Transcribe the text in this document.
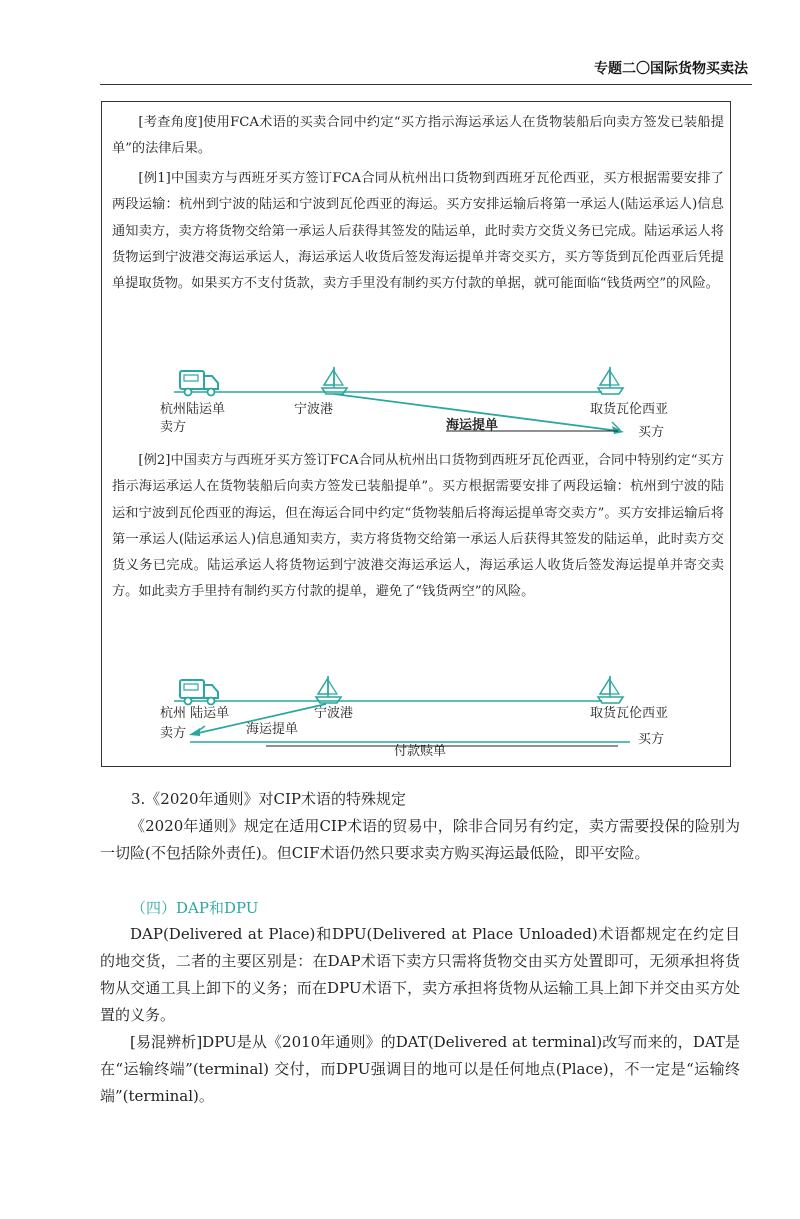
专题二〇国际货物买卖法

[考查角度]使用FCA术语的买卖合同中约定“买方指示海运承运人在货物装船后向卖方签发已装船提单”的法律后果。

[例1]中国卖方与西班牙买方签订FCA合同从杭州出口货物到西班牙瓦伦西亚，买方根据需要安排了两段运输：杭州到宁波的陆运和宁波到瓦伦西亚的海运。买方安排运输后将第一承运人(陆运承运人)信息通知卖方，卖方将货物交给第一承运人后获得其签发的陆运单，此时卖方交货义务已完成。陆运承运人将货物运到宁波港交海运承运人，海运承运人收货后签发海运提单并寄交买方，买方等货到瓦伦西亚后凭提单提取货物。如果买方不支付货款，卖方手里没有制约买方付款的单据，就可能面临“钱货两空”的风险。

杭州陆运单
卖方
宁波港
海运提单
取货瓦伦西亚
买方

[例2]中国卖方与西班牙买方签订FCA合同从杭州出口货物到西班牙瓦伦西亚，合同中特别约定“买方指示海运承运人在货物装船后向卖方签发已装船提单”。买方根据需要安排了两段运输：杭州到宁波的陆运和宁波到瓦伦西亚的海运，但在海运合同中约定“货物装船后将海运提单寄交卖方”。买方安排运输后将第一承运人(陆运承运人)信息通知卖方，卖方将货物交给第一承运人后获得其签发的陆运单，此时卖方交货义务已完成。陆运承运人将货物运到宁波港交海运承运人，海运承运人收货后签发海运提单并寄交卖方。如此卖方手里持有制约买方付款的提单，避免了“钱货两空”的风险。

杭州 陆运单
卖方
宁波港
海运提单
付款赎单
取货瓦伦西亚
买方
3.《2020年通则》对CIP术语的特殊规定

《2020年通则》规定在适用CIP术语的贸易中，除非合同另有约定，卖方需要投保的险别为一切险(不包括除外责任)。但CIF术语仍然只要求卖方购买海运最低险，即平安险。

（四）DAP和DPU

DAP(Delivered at Place)和DPU(Delivered at Place Unloaded)术语都规定在约定目的地交货，二者的主要区别是：在DAP术语下卖方只需将货物交由买方处置即可，无须承担将货物从交通工具上卸下的义务；而在DPU术语下，卖方承担将货物从运输工具上卸下并交由买方处置的义务。

[易混辨析]DPU是从《2010年通则》的DAT(Delivered at terminal)改写而来的，DAT是在“运输终端”(terminal) 交付，而DPU强调目的地可以是任何地点(Place)，不一定是“运输终端”(terminal)。
